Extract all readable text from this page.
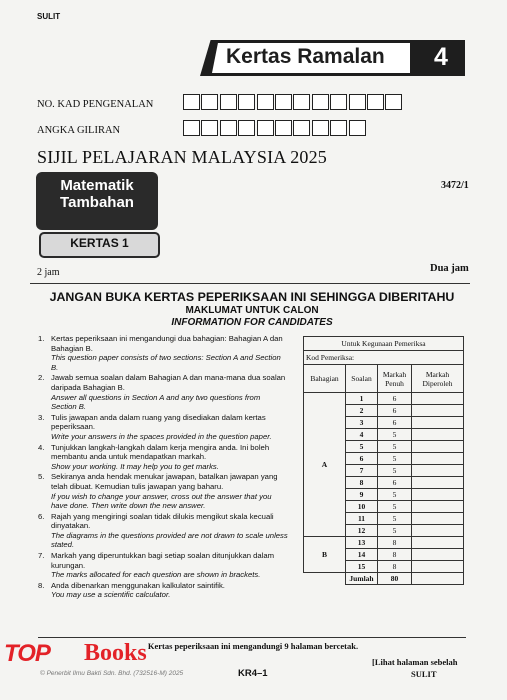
SULIT
Kertas Ramalan	4
NO. KAD PENGENALAN
ANGKA GILIRAN
SIJIL PELAJARAN MALAYSIA 2025
3472/1
Matematik
Tambahan
KERTAS 1
2 jam	Dua jam
JANGAN BUKA KERTAS PEPERIKSAAN INI SEHINGGA DIBERITAHU
MAKLUMAT UNTUK CALON
INFORMATION FOR CANDIDATES
1. Kertas peperiksaan ini mengandungi dua bahagian: Bahagian A dan Bahagian B.
This question paper consists of two sections: Section A and Section B.
2. Jawab semua soalan dalam Bahagian A dan mana-mana dua soalan daripada Bahagian B.
Answer all questions in Section A and any two questions from Section B.
3. Tulis jawapan anda dalam ruang yang disediakan dalam kertas peperiksaan.
Write your answers in the spaces provided in the question paper.
4. Tunjukkan langkah-langkah dalam kerja mengira anda. Ini boleh membantu anda untuk mendapatkan markah.
Show your working. It may help you to get marks.
5. Sekiranya anda hendak menukar jawapan, batalkan jawapan yang telah dibuat. Kemudian tulis jawapan yang baharu.
If you wish to change your answer, cross out the answer that you have done. Then write down the new answer.
6. Rajah yang mengiringi soalan tidak dilukis mengikut skala kecuali dinyatakan.
The diagrams in the questions provided are not drawn to scale unless stated.
7. Markah yang diperuntukkan bagi setiap soalan ditunjukkan dalam kurungan.
The marks allocated for each question are shown in brackets.
8. Anda dibenarkan menggunakan kalkulator saintifik.
You may use a scientific calculator.
Untuk Kegunaan Pemeriksa			
Kod Pemeriksa:			
Bahagian	Soalan	Markah Penuh	Markah Diperoleh
A	1	6	
	2	6	
	3	6	
	4	5	
	5	5	
	6	5	
	7	5	
	8	6	
	9	5	
	10	5	
	11	5	
	12	5	
B	13	8	
	14	8	
	15	8	
	Jumlah	80	
Kertas peperiksaan ini mengandungi 9 halaman bercetak.
© Penerbit Ilmu Bakti Sdn. Bhd. (732516-M) 2025	KR4–1
[Lihat halaman sebelah
SULIT
TOP Books
